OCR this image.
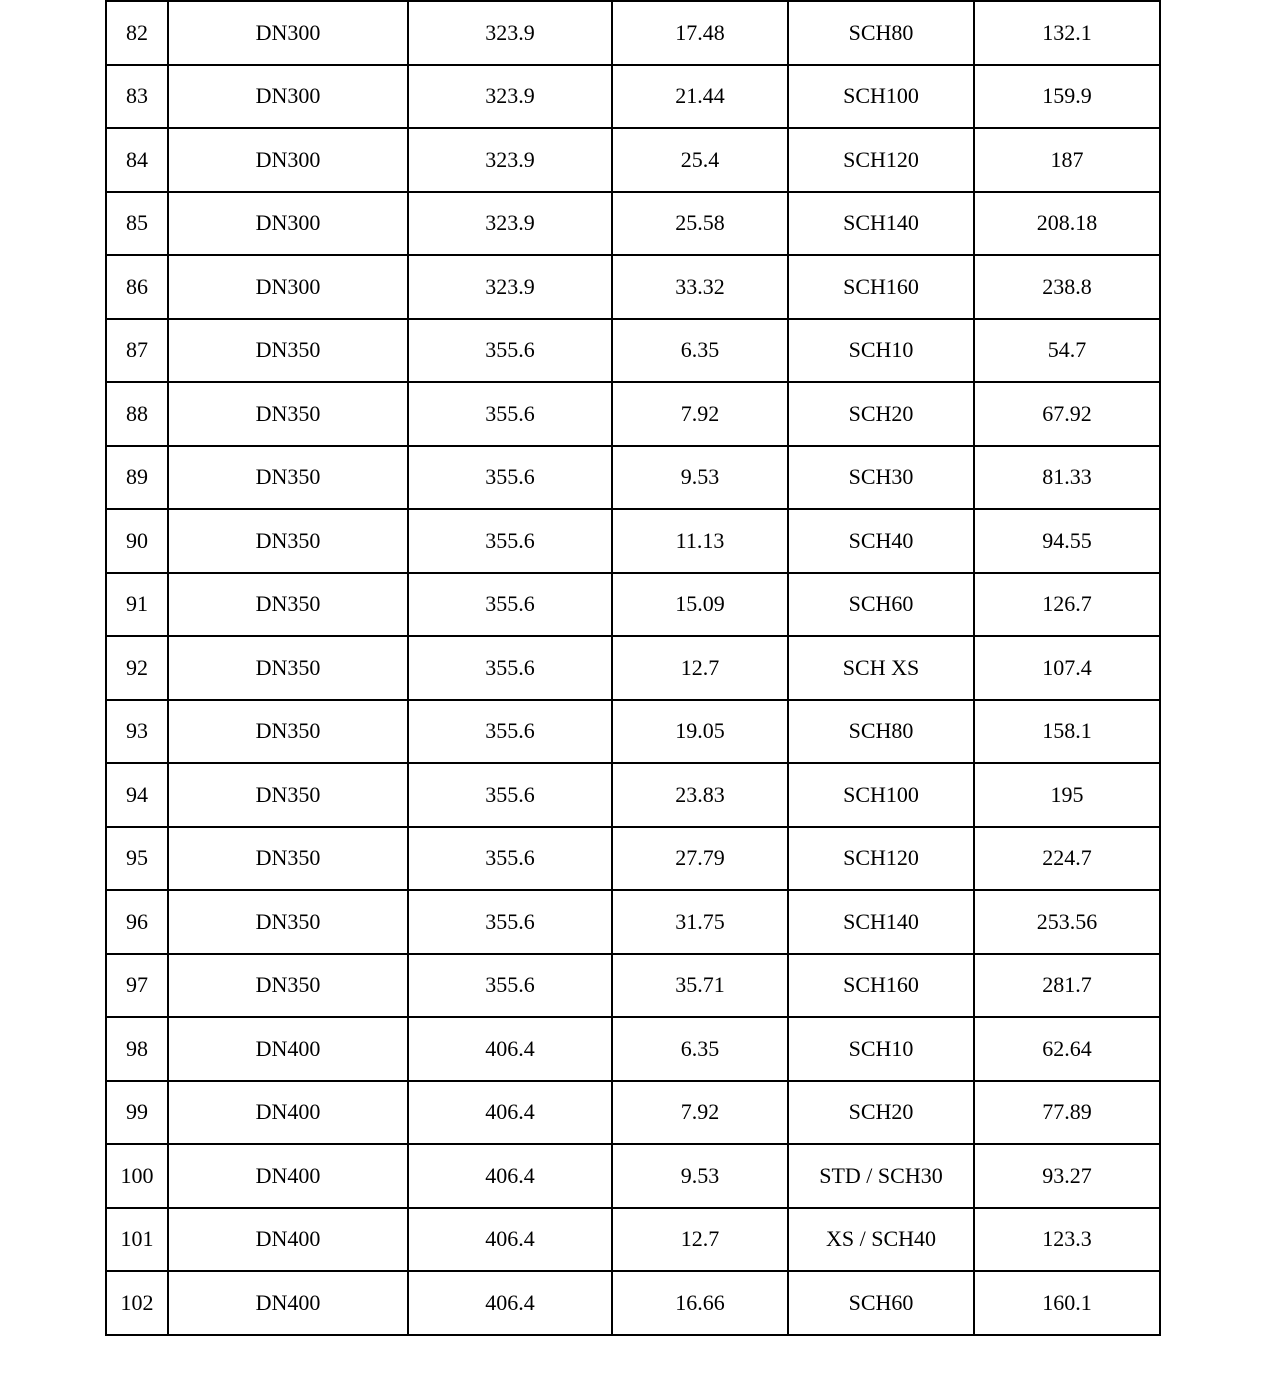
82	DN300	323.9	17.48	SCH80	132.1
83	DN300	323.9	21.44	SCH100	159.9
84	DN300	323.9	25.4	SCH120	187
85	DN300	323.9	25.58	SCH140	208.18
86	DN300	323.9	33.32	SCH160	238.8
87	DN350	355.6	6.35	SCH10	54.7
88	DN350	355.6	7.92	SCH20	67.92
89	DN350	355.6	9.53	SCH30	81.33
90	DN350	355.6	11.13	SCH40	94.55
91	DN350	355.6	15.09	SCH60	126.7
92	DN350	355.6	12.7	SCH XS	107.4
93	DN350	355.6	19.05	SCH80	158.1
94	DN350	355.6	23.83	SCH100	195
95	DN350	355.6	27.79	SCH120	224.7
96	DN350	355.6	31.75	SCH140	253.56
97	DN350	355.6	35.71	SCH160	281.7
98	DN400	406.4	6.35	SCH10	62.64
99	DN400	406.4	7.92	SCH20	77.89
100	DN400	406.4	9.53	STD / SCH30	93.27
101	DN400	406.4	12.7	XS / SCH40	123.3
102	DN400	406.4	16.66	SCH60	160.1
